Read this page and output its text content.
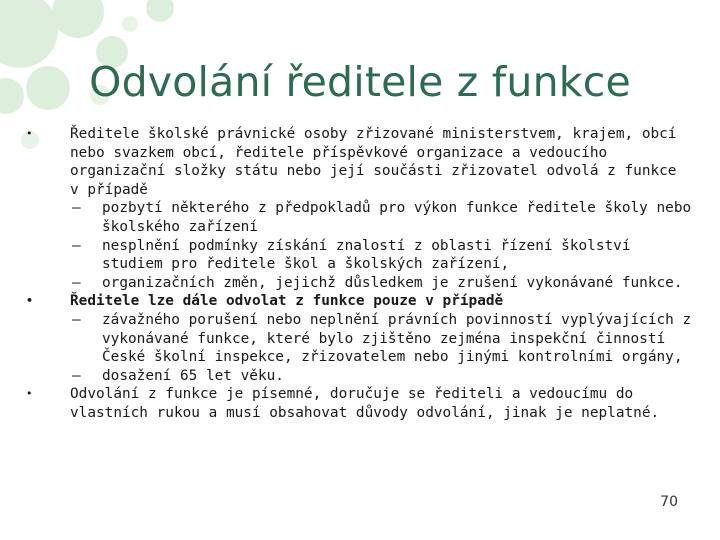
Odvolání ředitele z funkce

•	Ředitele školské právnické osoby zřizované ministerstvem, krajem, obcí nebo svazkem obcí, ředitele příspěvkové organizace a vedoucího organizační složky státu nebo její součásti zřizovatel odvolá z funkce v případě

– pozbytí některého z předpokladů pro výkon funkce ředitele školy nebo školského zařízení

– nesplnění podmínky získání znalostí z oblasti řízení školství studiem pro ředitele škol a školských zařízení,

– organizačních změn, jejichž důsledkem je zrušení vykonávané funkce.

•	Ředitele lze dále odvolat z funkce pouze v případě

– závažného porušení nebo neplnění právních povinností vyplývajících z vykonávané funkce, které bylo zjištěno zejména inspekční činností České školní inspekce, zřizovatelem nebo jinými kontrolními orgány,

– dosažení 65 let věku.

•	Odvolání z funkce je písemné, doručuje se řediteli a vedoucímu do vlastních rukou a musí obsahovat důvody odvolání, jinak je neplatné.

70
